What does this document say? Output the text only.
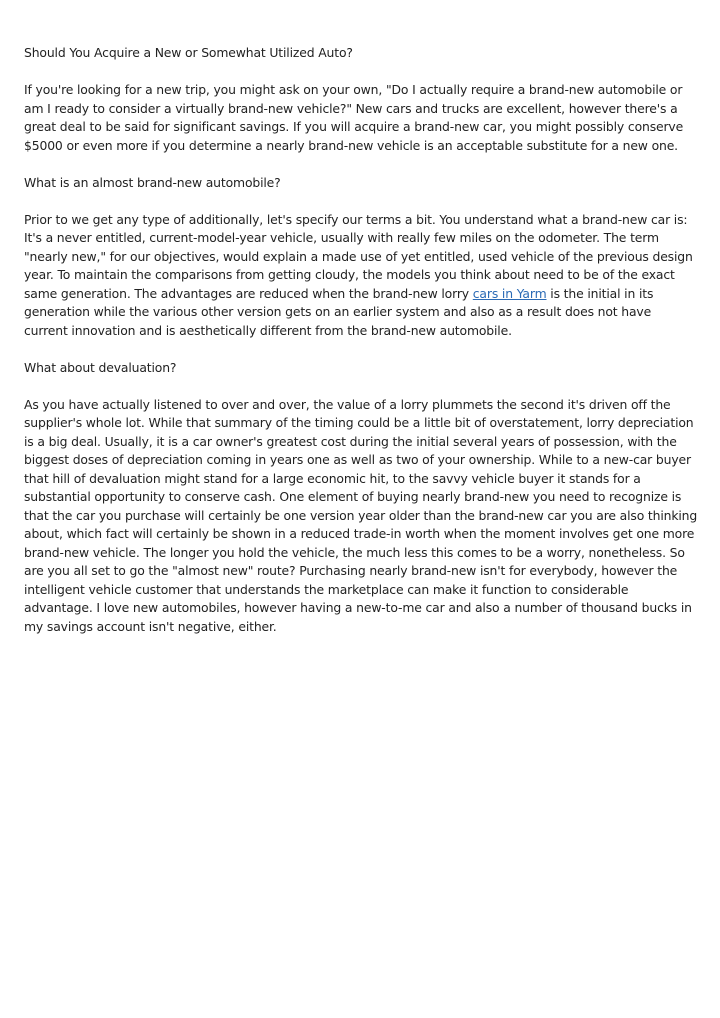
Should You Acquire a New or Somewhat Utilized Auto?

If you're looking for a new trip, you might ask on your own, "Do I actually require a brand-new automobile or am I ready to consider a virtually brand-new vehicle?" New cars and trucks are excellent, however there's a great deal to be said for significant savings. If you will acquire a brand-new car, you might possibly conserve $5000 or even more if you determine a nearly brand-new vehicle is an acceptable substitute for a new one.

What is an almost brand-new automobile?

Prior to we get any type of additionally, let's specify our terms a bit. You understand what a brand-new car is: It's a never entitled, current-model-year vehicle, usually with really few miles on the odometer. The term "nearly new," for our objectives, would explain a made use of yet entitled, used vehicle of the previous design year. To maintain the comparisons from getting cloudy, the models you think about need to be of the exact same generation. The advantages are reduced when the brand-new lorry cars in Yarm is the initial in its generation while the various other version gets on an earlier system and also as a result does not have current innovation and is aesthetically different from the brand-new automobile.

What about devaluation?

As you have actually listened to over and over, the value of a lorry plummets the second it's driven off the supplier's whole lot. While that summary of the timing could be a little bit of overstatement, lorry depreciation is a big deal. Usually, it is a car owner's greatest cost during the initial several years of possession, with the biggest doses of depreciation coming in years one as well as two of your ownership. While to a new-car buyer that hill of devaluation might stand for a large economic hit, to the savvy vehicle buyer it stands for a substantial opportunity to conserve cash. One element of buying nearly brand-new you need to recognize is that the car you purchase will certainly be one version year older than the brand-new car you are also thinking about, which fact will certainly be shown in a reduced trade-in worth when the moment involves get one more brand-new vehicle. The longer you hold the vehicle, the much less this comes to be a worry, nonetheless. So are you all set to go the "almost new" route? Purchasing nearly brand-new isn't for everybody, however the intelligent vehicle customer that understands the marketplace can make it function to considerable advantage. I love new automobiles, however having a new-to-me car and also a number of thousand bucks in my savings account isn't negative, either.
